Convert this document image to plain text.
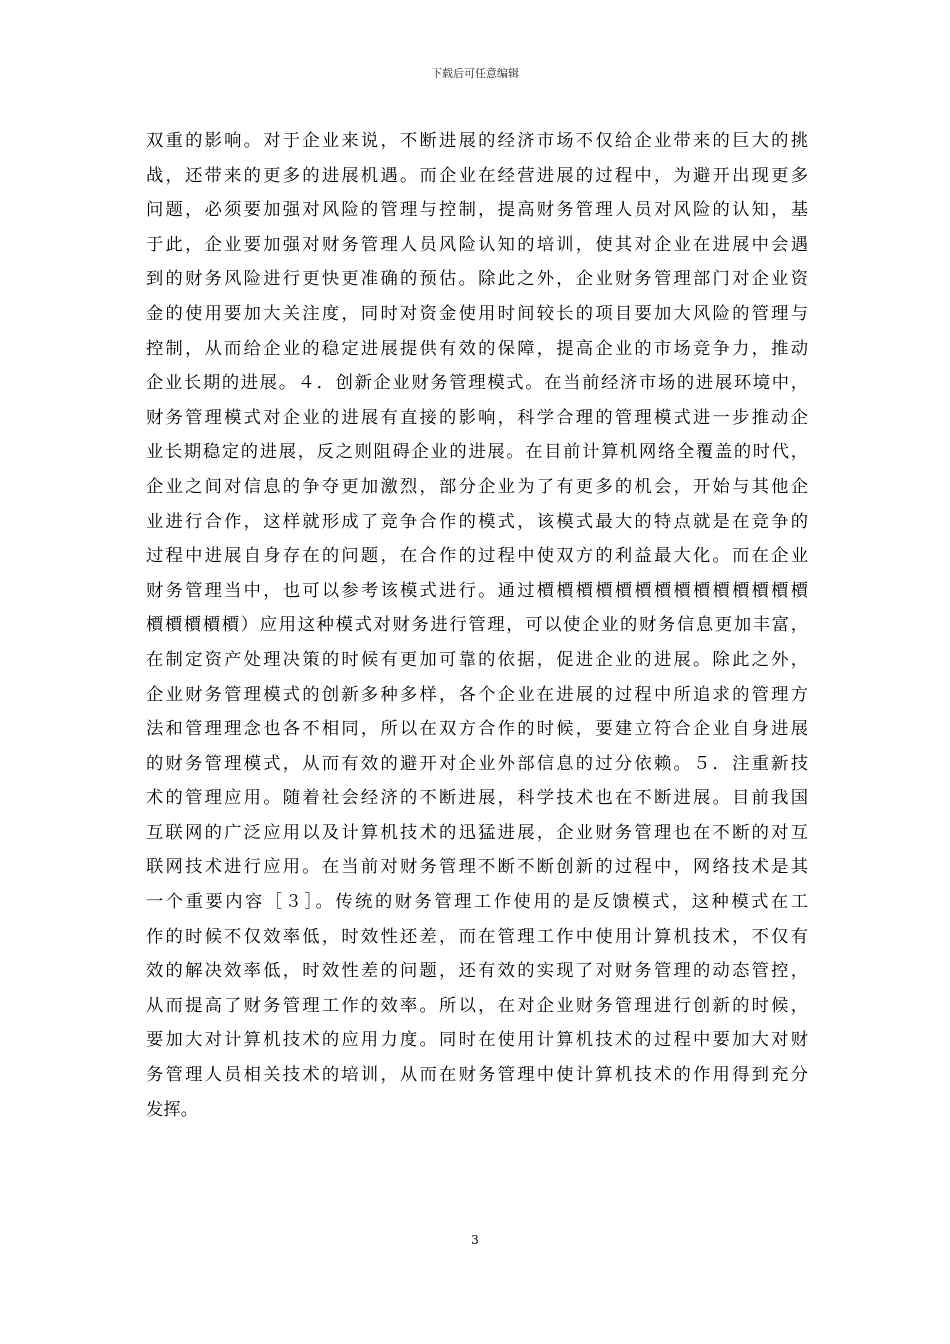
下载后可任意编辑
双重的影响。对于企业来说，不断进展的经济市场不仅给企业带来的巨大的挑
战，还带来的更多的进展机遇。而企业在经营进展的过程中，为避开出现更多
问题，必须要加强对风险的管理与控制，提高财务管理人员对风险的认知，基
于此，企业要加强对财务管理人员风险认知的培训，使其对企业在进展中会遇
到的财务风险进行更快更准确的预估。除此之外，企业财务管理部门对企业资
金的使用要加大关注度，同时对资金使用时间较长的项目要加大风险的管理与
控制，从而给企业的稳定进展提供有效的保障，提高企业的市场竞争力，推动
企业长期的进展。４．创新企业财务管理模式。在当前经济市场的进展环境中，
财务管理模式对企业的进展有直接的影响，科学合理的管理模式进一步推动企
业长期稳定的进展，反之则阻碍企业的进展。在目前计算机网络全覆盖的时代，
企业之间对信息的争夺更加激烈，部分企业为了有更多的机会，开始与其他企
业进行合作，这样就形成了竞争合作的模式，该模式最大的特点就是在竞争的
过程中进展自身存在的问题，在合作的过程中使双方的利益最大化。而在企业
财务管理当中，也可以参考该模式进行。通过檟檟檟檟檟檟檟檟檟檟檟檟檟檟
檟檟檟檟檟）应用这种模式对财务进行管理，可以使企业的财务信息更加丰富，
在制定资产处理决策的时候有更加可靠的依据，促进企业的进展。除此之外，
企业财务管理模式的创新多种多样，各个企业在进展的过程中所追求的管理方
法和管理理念也各不相同，所以在双方合作的时候，要建立符合企业自身进展
的财务管理模式，从而有效的避开对企业外部信息的过分依赖。５．注重新技
术的管理应用。随着社会经济的不断进展，科学技术也在不断进展。目前我国
互联网的广泛应用以及计算机技术的迅猛进展，企业财务管理也在不断的对互
联网技术进行应用。在当前对财务管理不断不断创新的过程中，网络技术是其
一个重要内容［３］。传统的财务管理工作使用的是反馈模式，这种模式在工
作的时候不仅效率低，时效性还差，而在管理工作中使用计算机技术，不仅有
效的解决效率低，时效性差的问题，还有效的实现了对财务管理的动态管控，
从而提高了财务管理工作的效率。所以，在对企业财务管理进行创新的时候，
要加大对计算机技术的应用力度。同时在使用计算机技术的过程中要加大对财
务管理人员相关技术的培训，从而在财务管理中使计算机技术的作用得到充分
发挥。
3
